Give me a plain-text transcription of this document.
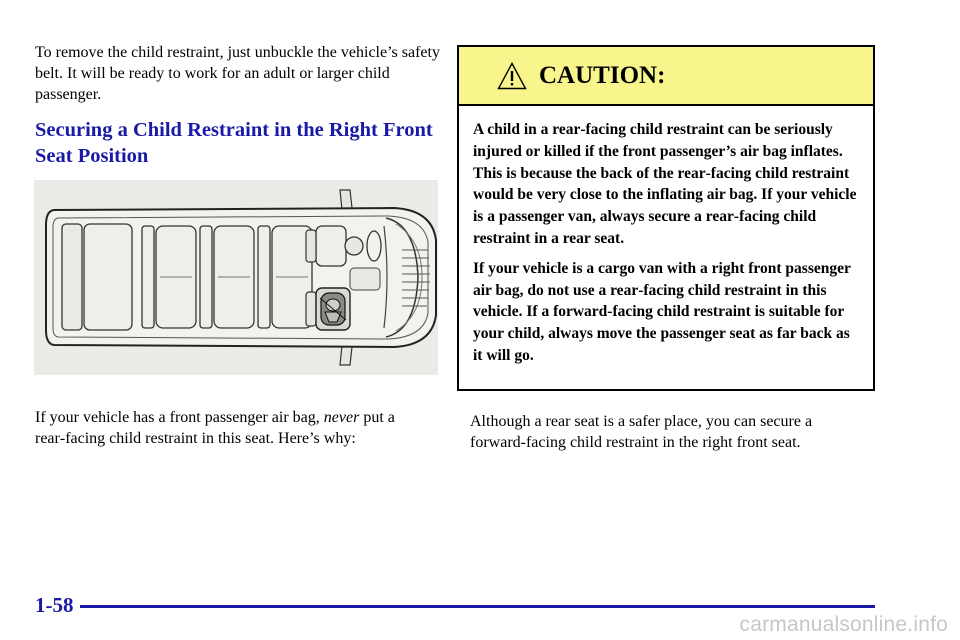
To remove the child restraint, just unbuckle the vehicle’s safety belt. It will be ready to work for an adult or larger child passenger.

Securing a Child Restraint in the Right Front Seat Position

If your vehicle has a front passenger air bag, never put a rear‑facing child restraint in this seat. Here’s why:

CAUTION:

A child in a rear‑facing child restraint can be seriously injured or killed if the front passenger’s air bag inflates. This is because the back of the rear‑facing child restraint would be very close to the inflating air bag. If your vehicle is a passenger van, always secure a rear‑facing child restraint in a rear seat.

If your vehicle is a cargo van with a right front passenger air bag, do not use a rear‑facing child restraint in this vehicle. If a forward‑facing child restraint is suitable for your child, always move the passenger seat as far back as it will go.

Although a rear seat is a safer place, you can secure a forward‑facing child restraint in the right front seat.

1-58
carmanualsonline.info
